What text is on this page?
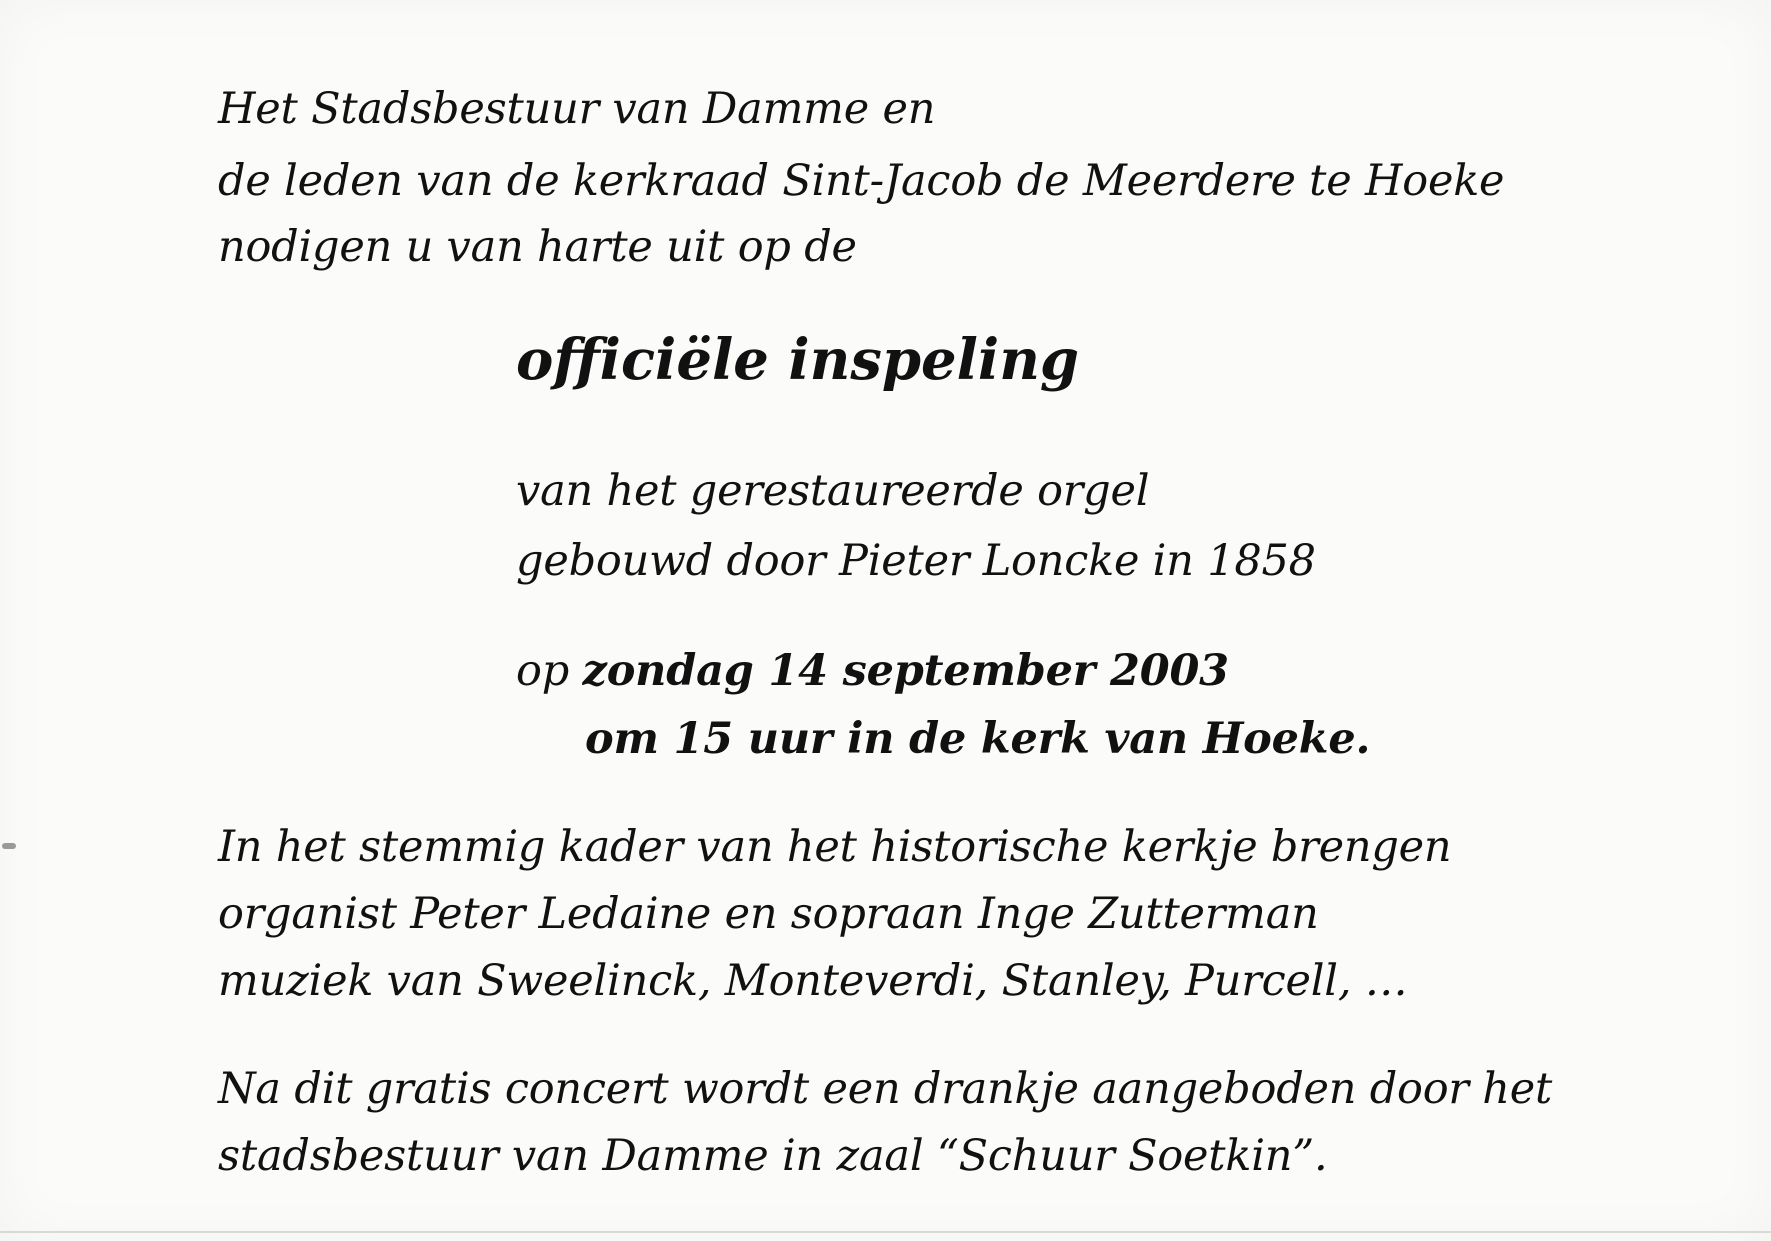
Het Stadsbestuur van Damme en

de leden van de kerkraad Sint-Jacob de Meerdere te Hoeke

nodigen u van harte uit op de

officiële inspeling

van het gerestaureerde orgel

gebouwd door Pieter Loncke in 1858

op zondag 14 september 2003

om 15 uur in de kerk van Hoeke.

In het stemmig kader van het historische kerkje brengen

organist Peter Ledaine en sopraan Inge Zutterman

muziek van Sweelinck, Monteverdi, Stanley, Purcell, …

Na dit gratis concert wordt een drankje aangeboden door het

stadsbestuur van Damme in zaal “Schuur Soetkin”.
